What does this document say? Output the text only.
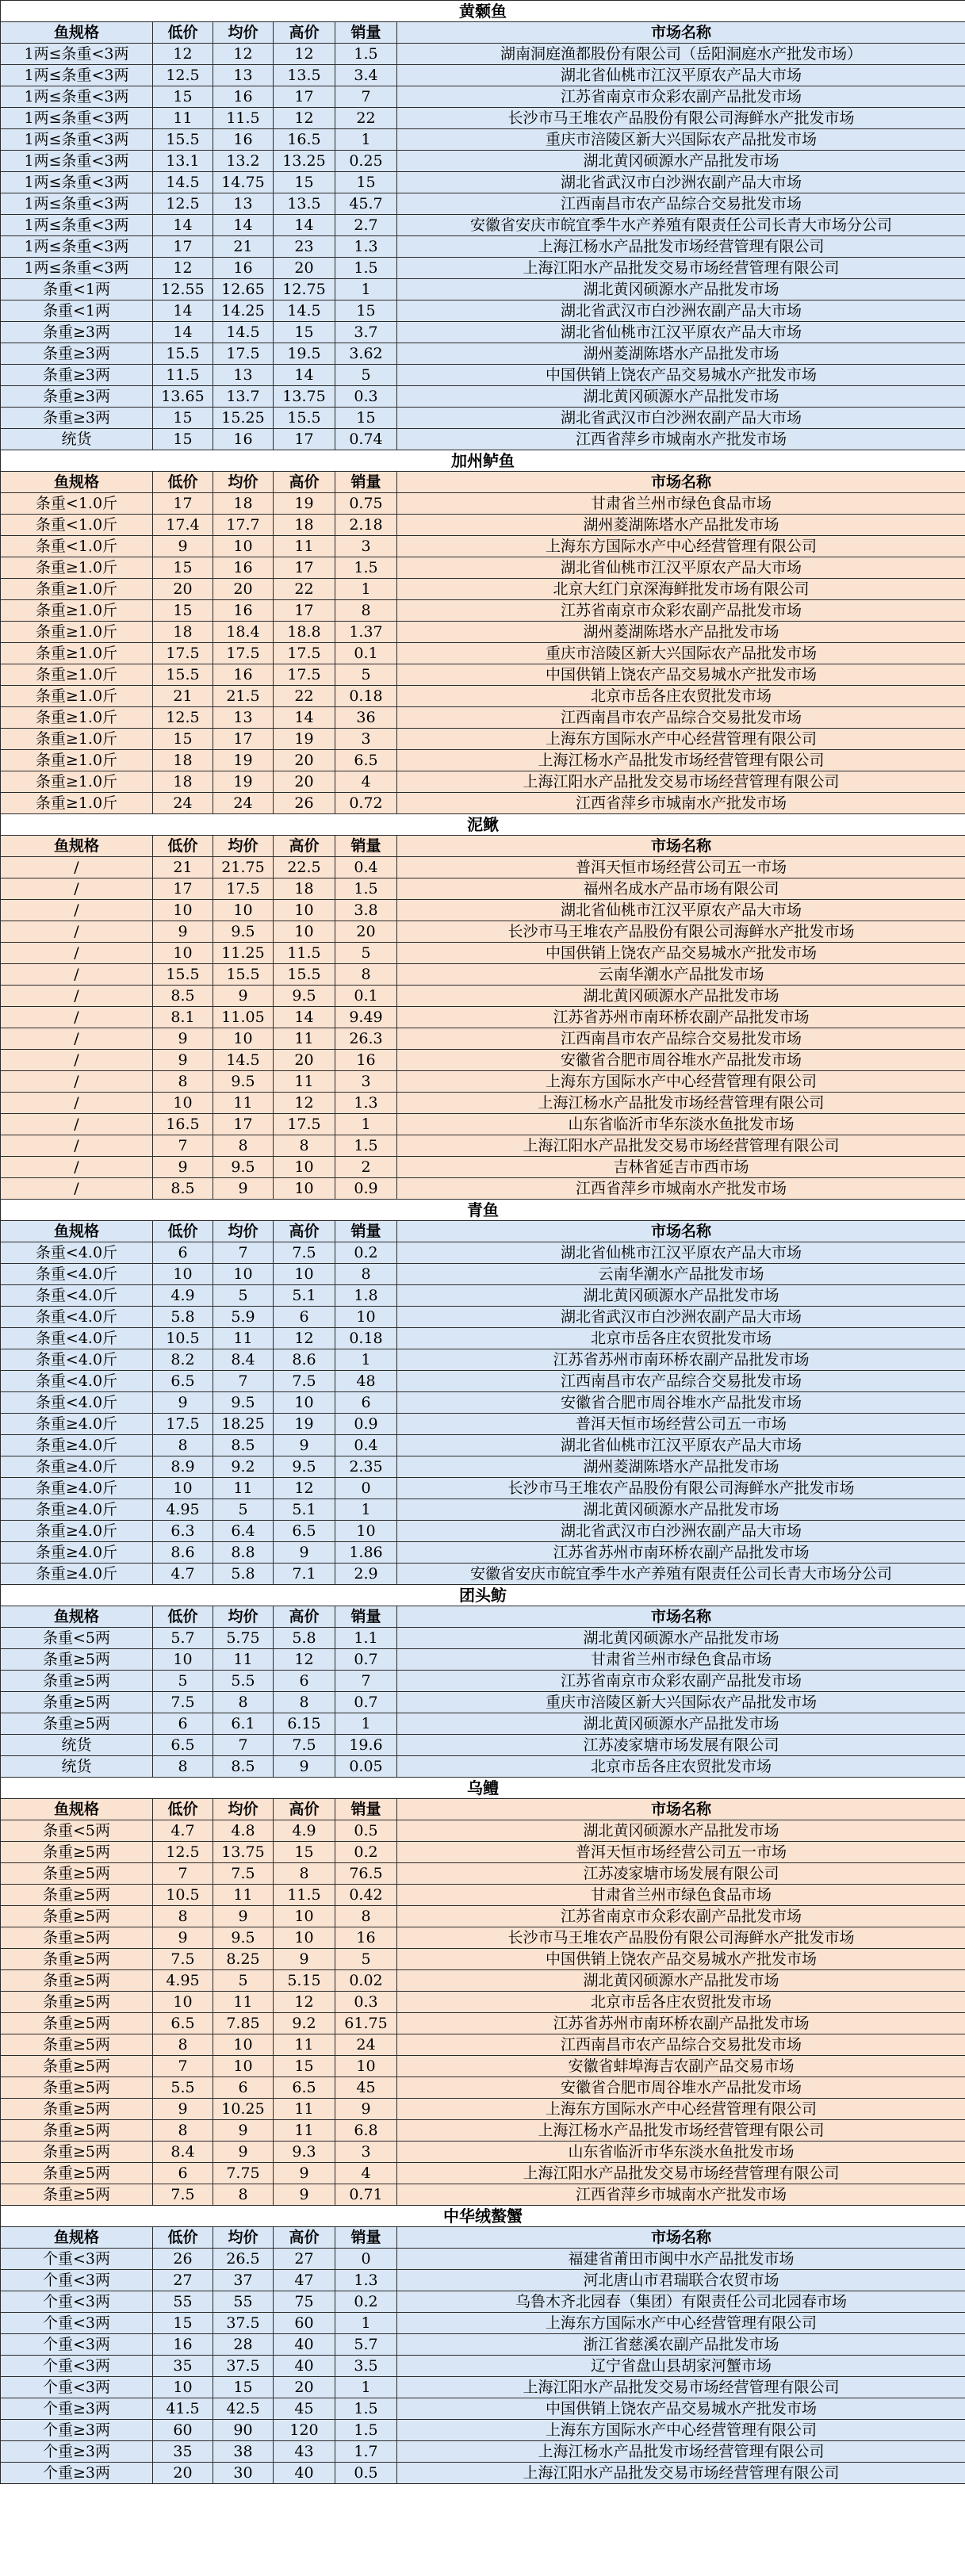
黄颡鱼					
鱼规格	低价	均价	高价	销量	市场名称
1两≤条重<3两	12	12	12	1.5	湖南洞庭渔都股份有限公司（岳阳洞庭水产批发市场）
1两≤条重<3两	12.5	13	13.5	3.4	湖北省仙桃市江汉平原农产品大市场
1两≤条重<3两	15	16	17	7	江苏省南京市众彩农副产品批发市场
1两≤条重<3两	11	11.5	12	22	长沙市马王堆农产品股份有限公司海鲜水产批发市场
1两≤条重<3两	15.5	16	16.5	1	重庆市涪陵区新大兴国际农产品批发市场
1两≤条重<3两	13.1	13.2	13.25	0.25	湖北黄冈硕源水产品批发市场
1两≤条重<3两	14.5	14.75	15	15	湖北省武汉市白沙洲农副产品大市场
1两≤条重<3两	12.5	13	13.5	45.7	江西南昌市农产品综合交易批发市场
1两≤条重<3两	14	14	14	2.7	安徽省安庆市皖宜季牛水产养殖有限责任公司长青大市场分公司
1两≤条重<3两	17	21	23	1.3	上海江杨水产品批发市场经营管理有限公司
1两≤条重<3两	12	16	20	1.5	上海江阳水产品批发交易市场经营管理有限公司
条重<1两	12.55	12.65	12.75	1	湖北黄冈硕源水产品批发市场
条重<1两	14	14.25	14.5	15	湖北省武汉市白沙洲农副产品大市场
条重≥3两	14	14.5	15	3.7	湖北省仙桃市江汉平原农产品大市场
条重≥3两	15.5	17.5	19.5	3.62	湖州菱湖陈塔水产品批发市场
条重≥3两	11.5	13	14	5	中国供销上饶农产品交易城水产批发市场
条重≥3两	13.65	13.7	13.75	0.3	湖北黄冈硕源水产品批发市场
条重≥3两	15	15.25	15.5	15	湖北省武汉市白沙洲农副产品大市场
统货	15	16	17	0.74	江西省萍乡市城南水产批发市场
加州鲈鱼					
鱼规格	低价	均价	高价	销量	市场名称
条重<1.0斤	17	18	19	0.75	甘肃省兰州市绿色食品市场
条重<1.0斤	17.4	17.7	18	2.18	湖州菱湖陈塔水产品批发市场
条重<1.0斤	9	10	11	3	上海东方国际水产中心经营管理有限公司
条重≥1.0斤	15	16	17	1.5	湖北省仙桃市江汉平原农产品大市场
条重≥1.0斤	20	20	22	1	北京大红门京深海鲜批发市场有限公司
条重≥1.0斤	15	16	17	8	江苏省南京市众彩农副产品批发市场
条重≥1.0斤	18	18.4	18.8	1.37	湖州菱湖陈塔水产品批发市场
条重≥1.0斤	17.5	17.5	17.5	0.1	重庆市涪陵区新大兴国际农产品批发市场
条重≥1.0斤	15.5	16	17.5	5	中国供销上饶农产品交易城水产批发市场
条重≥1.0斤	21	21.5	22	0.18	北京市岳各庄农贸批发市场
条重≥1.0斤	12.5	13	14	36	江西南昌市农产品综合交易批发市场
条重≥1.0斤	15	17	19	3	上海东方国际水产中心经营管理有限公司
条重≥1.0斤	18	19	20	6.5	上海江杨水产品批发市场经营管理有限公司
条重≥1.0斤	18	19	20	4	上海江阳水产品批发交易市场经营管理有限公司
条重≥1.0斤	24	24	26	0.72	江西省萍乡市城南水产批发市场
泥鳅					
鱼规格	低价	均价	高价	销量	市场名称
/	21	21.75	22.5	0.4	普洱天恒市场经营公司五一市场
/	17	17.5	18	1.5	福州名成水产品市场有限公司
/	10	10	10	3.8	湖北省仙桃市江汉平原农产品大市场
/	9	9.5	10	20	长沙市马王堆农产品股份有限公司海鲜水产批发市场
/	10	11.25	11.5	5	中国供销上饶农产品交易城水产批发市场
/	15.5	15.5	15.5	8	云南华潮水产品批发市场
/	8.5	9	9.5	0.1	湖北黄冈硕源水产品批发市场
/	8.1	11.05	14	9.49	江苏省苏州市南环桥农副产品批发市场
/	9	10	11	26.3	江西南昌市农产品综合交易批发市场
/	9	14.5	20	16	安徽省合肥市周谷堆水产品批发市场
/	8	9.5	11	3	上海东方国际水产中心经营管理有限公司
/	10	11	12	1.3	上海江杨水产品批发市场经营管理有限公司
/	16.5	17	17.5	1	山东省临沂市华东淡水鱼批发市场
/	7	8	8	1.5	上海江阳水产品批发交易市场经营管理有限公司
/	9	9.5	10	2	吉林省延吉市西市场
/	8.5	9	10	0.9	江西省萍乡市城南水产批发市场
青鱼					
鱼规格	低价	均价	高价	销量	市场名称
条重<4.0斤	6	7	7.5	0.2	湖北省仙桃市江汉平原农产品大市场
条重<4.0斤	10	10	10	8	云南华潮水产品批发市场
条重<4.0斤	4.9	5	5.1	1.8	湖北黄冈硕源水产品批发市场
条重<4.0斤	5.8	5.9	6	10	湖北省武汉市白沙洲农副产品大市场
条重<4.0斤	10.5	11	12	0.18	北京市岳各庄农贸批发市场
条重<4.0斤	8.2	8.4	8.6	1	江苏省苏州市南环桥农副产品批发市场
条重<4.0斤	6.5	7	7.5	48	江西南昌市农产品综合交易批发市场
条重<4.0斤	9	9.5	10	6	安徽省合肥市周谷堆水产品批发市场
条重≥4.0斤	17.5	18.25	19	0.9	普洱天恒市场经营公司五一市场
条重≥4.0斤	8	8.5	9	0.4	湖北省仙桃市江汉平原农产品大市场
条重≥4.0斤	8.9	9.2	9.5	2.35	湖州菱湖陈塔水产品批发市场
条重≥4.0斤	10	11	12	0	长沙市马王堆农产品股份有限公司海鲜水产批发市场
条重≥4.0斤	4.95	5	5.1	1	湖北黄冈硕源水产品批发市场
条重≥4.0斤	6.3	6.4	6.5	10	湖北省武汉市白沙洲农副产品大市场
条重≥4.0斤	8.6	8.8	9	1.86	江苏省苏州市南环桥农副产品批发市场
条重≥4.0斤	4.7	5.8	7.1	2.9	安徽省安庆市皖宜季牛水产养殖有限责任公司长青大市场分公司
团头鲂					
鱼规格	低价	均价	高价	销量	市场名称
条重<5两	5.7	5.75	5.8	1.1	湖北黄冈硕源水产品批发市场
条重≥5两	10	11	12	0.7	甘肃省兰州市绿色食品市场
条重≥5两	5	5.5	6	7	江苏省南京市众彩农副产品批发市场
条重≥5两	7.5	8	8	0.7	重庆市涪陵区新大兴国际农产品批发市场
条重≥5两	6	6.1	6.15	1	湖北黄冈硕源水产品批发市场
统货	6.5	7	7.5	19.6	江苏凌家塘市场发展有限公司
统货	8	8.5	9	0.05	北京市岳各庄农贸批发市场
乌鳢					
鱼规格	低价	均价	高价	销量	市场名称
条重<5两	4.7	4.8	4.9	0.5	湖北黄冈硕源水产品批发市场
条重≥5两	12.5	13.75	15	0.2	普洱天恒市场经营公司五一市场
条重≥5两	7	7.5	8	76.5	江苏凌家塘市场发展有限公司
条重≥5两	10.5	11	11.5	0.42	甘肃省兰州市绿色食品市场
条重≥5两	8	9	10	8	江苏省南京市众彩农副产品批发市场
条重≥5两	9	9.5	10	16	长沙市马王堆农产品股份有限公司海鲜水产批发市场
条重≥5两	7.5	8.25	9	5	中国供销上饶农产品交易城水产批发市场
条重≥5两	4.95	5	5.15	0.02	湖北黄冈硕源水产品批发市场
条重≥5两	10	11	12	0.3	北京市岳各庄农贸批发市场
条重≥5两	6.5	7.85	9.2	61.75	江苏省苏州市南环桥农副产品批发市场
条重≥5两	8	10	11	24	江西南昌市农产品综合交易批发市场
条重≥5两	7	10	15	10	安徽省蚌埠海吉农副产品交易市场
条重≥5两	5.5	6	6.5	45	安徽省合肥市周谷堆水产品批发市场
条重≥5两	9	10.25	11	9	上海东方国际水产中心经营管理有限公司
条重≥5两	8	9	11	6.8	上海江杨水产品批发市场经营管理有限公司
条重≥5两	8.4	9	9.3	3	山东省临沂市华东淡水鱼批发市场
条重≥5两	6	7.75	9	4	上海江阳水产品批发交易市场经营管理有限公司
条重≥5两	7.5	8	9	0.71	江西省萍乡市城南水产批发市场
中华绒螯蟹					
鱼规格	低价	均价	高价	销量	市场名称
个重<3两	26	26.5	27	0	福建省莆田市闽中水产品批发市场
个重<3两	27	37	47	1.3	河北唐山市君瑞联合农贸市场
个重<3两	55	55	75	0.2	乌鲁木齐北园春（集团）有限责任公司北园春市场
个重<3两	15	37.5	60	1	上海东方国际水产中心经营管理有限公司
个重<3两	16	28	40	5.7	浙江省慈溪农副产品批发市场
个重<3两	35	37.5	40	3.5	辽宁省盘山县胡家河蟹市场
个重<3两	10	15	20	1	上海江阳水产品批发交易市场经营管理有限公司
个重≥3两	41.5	42.5	45	1.5	中国供销上饶农产品交易城水产批发市场
个重≥3两	60	90	120	1.5	上海东方国际水产中心经营管理有限公司
个重≥3两	35	38	43	1.7	上海江杨水产品批发市场经营管理有限公司
个重≥3两	20	30	40	0.5	上海江阳水产品批发交易市场经营管理有限公司
